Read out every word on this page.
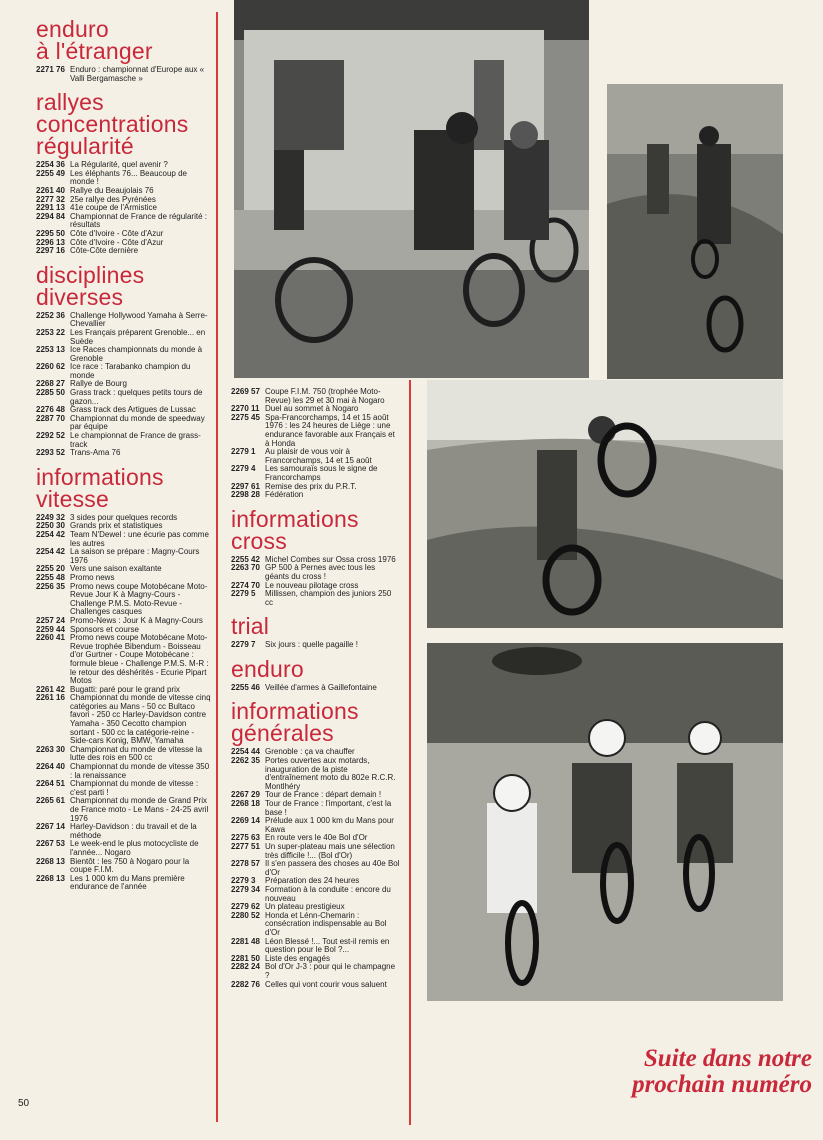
enduro
à l'étranger
2271 76 Enduro : championnat d'Europe aux « Valli Bergamasche »
rallyes
concentrations
régularité
2254 36 La Régularité, quel avenir ?
2255 49 Les éléphants 76... Beaucoup de monde !
2261 40 Rallye du Beaujolais 76
2277 32 25e rallye des Pyrénées
2291 13 41e coupe de l'Armistice
2294 84 Championnat de France de régularité : résultats
2295 50 Côte d'Ivoire - Côte d'Azur
2296 13 Côte d'Ivoire - Côte d'Azur
2297 16 Côte-Côte dernière
disciplines
diverses
2252 36 Challenge Hollywood Yamaha à Serre-Chevallier
2253 22 Les Français préparent Grenoble... en Suède
2253 13 Ice Races championnats du monde à Grenoble
2260 62 Ice race : Tarabanko champion du monde
2268 27 Rallye de Bourg
2285 50 Grass track : quelques petits tours de gazon...
2276 48 Grass track des Artigues de Lussac
2287 70 Championnat du monde de speedway par équipe
2292 52 Le championnat de France de grass-track
2293 52 Trans-Ama 76
informations
vitesse
2249 32 3 sides pour quelques records
2250 30 Grands prix et statistiques
2254 42 Team N'Dewel : une écurie pas comme les autres
2254 42 La saison se prépare : Magny-Cours 1976
2255 20 Vers une saison exaltante
2255 48 Promo news
2256 35 Promo news coupe Motobécane Moto-Revue Jour K à Magny-Cours - Challenge P.M.S. Moto-Revue - Challenges casques
2257 24 Promo-News : Jour K à Magny-Cours
2259 44 Sponsors et course
2260 41 Promo news coupe Motobécane Moto-Revue trophée Bibendum - Boisseau d'or Gurtner - Coupe Motobécane : formule bleue - Challenge P.M.S. M-R : le retour des déshérités - Ecurie Pipart Motos
2261 42 Bugatti: paré pour le grand prix
2261 16 Championnat du monde de vitesse cinq catégories au Mans - 50 cc Bultaco favori - 250 cc Harley-Davidson contre Yamaha - 350 Cecotto champion sortant - 500 cc la catégorie-reine - Side-cars Konig, BMW, Yamaha
2263 30 Championnat du monde de vitesse la lutte des rois en 500 cc
2264 40 Championnat du monde de vitesse 350 : la renaissance
2264 51 Championnat du monde de vitesse : c'est parti !
2265 61 Championnat du monde de Grand Prix de France moto - Le Mans - 24-25 avril 1976
2267 14 Harley-Davidson : du travail et de la méthode
2267 53 Le week-end le plus motocycliste de l'année... Nogaro
2268 13 Bientôt : les 750 à Nogaro pour la coupe F.I.M.
2268 13 Les 1 000 km du Mans première endurance de l'année
2269 57 Coupe F.I.M. 750 (trophée Moto-Revue) les 29 et 30 mai à Nogaro
2270 11 Duel au sommet à Nogaro
2275 45 Spa-Francorchamps, 14 et 15 août 1976 : les 24 heures de Liège : une endurance favorable aux Français et à Honda
2279 1	Au plaisir de vous voir à Francorchamps, 14 et 15 août
2279 4	Les samouraïs sous le signe de Francorchamps
2297 61 Remise des prix du P.R.T.
2298 28 Fédération
informations
cross
2255 42 Michel Combes sur Ossa cross 1976
2263 70 GP 500 à Pernes avec tous les géants du cross !
2274 70 Le nouveau pilotage cross
2279 5	Millissen, champion des juniors 250 cc
trial
2279 7	Six jours : quelle pagaille !
enduro
2255 46 Veillée d'armes à Gaillefontaine
informations
générales
2254 44 Grenoble : ça va chauffer
2262 35 Portes ouvertes aux motards, inauguration de la piste d'entraînement moto du 802e R.C.R. Montlhéry
2267 29 Tour de France : départ demain !
2268 18 Tour de France : l'important, c'est la base !
2269 14 Prélude aux 1 000 km du Mans pour Kawa
2275 63 En route vers le 40e Bol d'Or
2277 51 Un super-plateau mais une sélection très difficile !... (Bol d'Or)
2278 57 Il s'en passera des choses au 40e Bol d'Or
2279 3	Préparation des 24 heures
2279 34 Formation à la conduite : encore du nouveau
2279 62 Un plateau prestigieux
2280 52 Honda et Lénn-Chemarin : consécration indispensable au Bol d'Or
2281 48 Léon Blessé !... Tout est-il remis en question pour le Bol ?...
2281 50 Liste des engagés
2282 24 Bol d'Or J-3 : pour qui le champagne ?
2282 76 Celles qui vont courir vous saluent
Suite dans notre
prochain numéro
50
